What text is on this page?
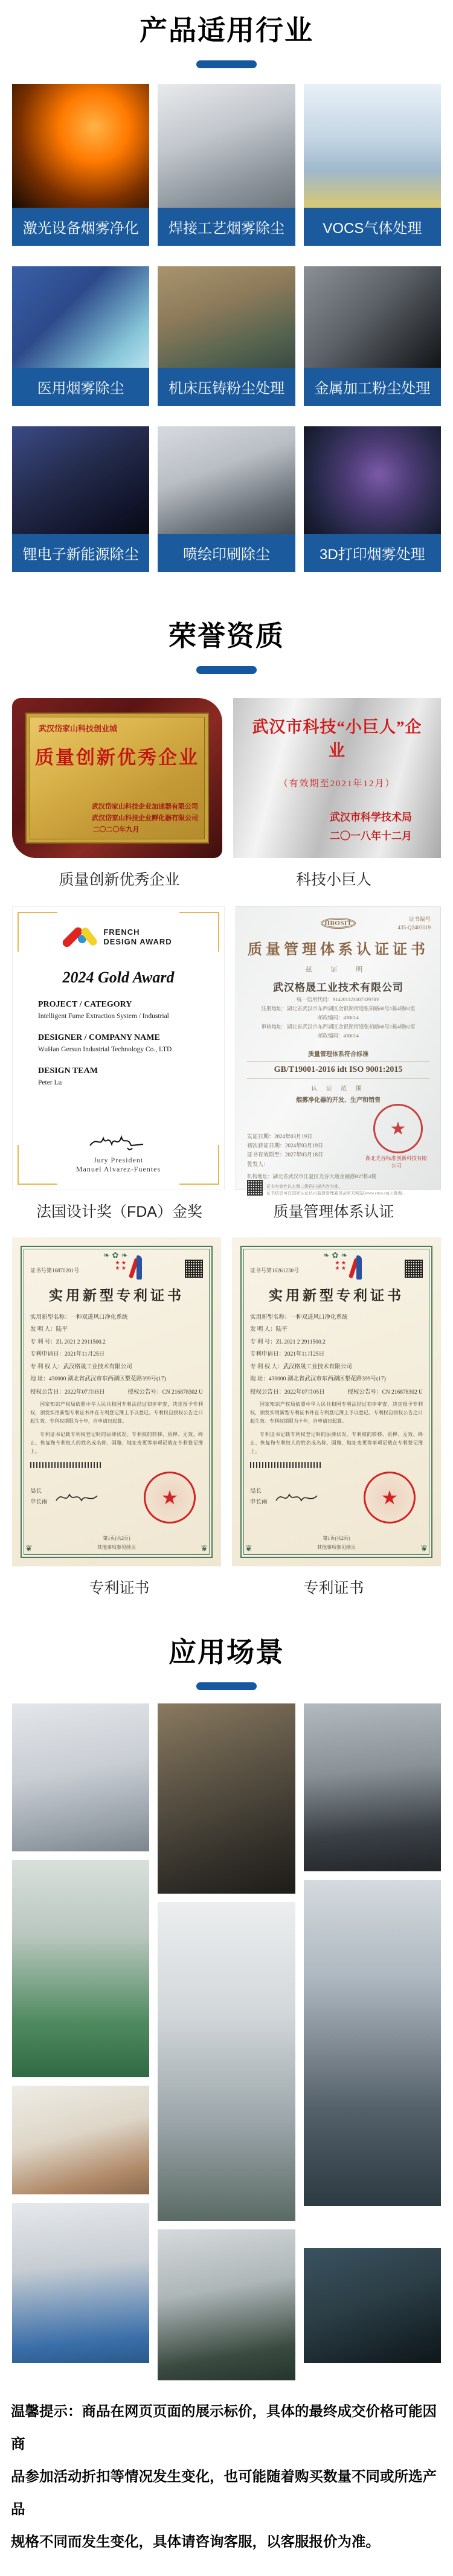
产品适用行业
激光设备烟雾净化	焊接工艺烟雾除尘	VOCS气体处理
医用烟雾除尘	机床压铸粉尘处理	金属加工粉尘处理
锂电子新能源除尘	喷绘印刷除尘	3D打印烟雾处理
荣誉资质
武汉岱家山科技创业城
质量创新优秀企业
武汉岱家山科技企业加速器有限公司
武汉岱家山科技企业孵化器有限公司
二〇二〇年九月
武汉市科技“小巨人”企业
（有效期至2021年12月）
武汉市科学技术局
二〇一八年十二月
质量创新优秀企业	科技小巨人
FRENCH
DESIGN AWARD
2024 Gold Award
PROJECT / CATEGORY
Intelligent Fume Extraction System / Industrial
DESIGNER / COMPANY NAME
WuHan Gersun Industrial Technology Co., LTD
DESIGN TEAM
Peter Lu
Jury President
Manuel Alvarez-Fuentes
证书编号
435-Q2403019
HBOSIT
质量管理体系认证证书
兹 证 明
武汉格晟工业技术有限公司
统一信用代码：91420112300732970Y
注册地址：湖北省武汉市东西湖区金银湖街道张柏路68号1栋4楼02室
邮政编码：430014
审核地址：湖北省武汉市东西湖区金银湖街道张柏路68号1栋4楼02室
邮政编码：430014
质量管理体系符合标准
GB/T19001-2016 idt ISO 9001:2015
认 证 范 围
烟雾净化器的开发、生产和销售
发证日期：2024年03月19日
初次获证日期：2024年03月19日
证书有效期至：2027年03月18日
签发人：
★
湖北光谷标准创新科技有限公司
机构地址：湖北省武汉市江夏区光谷大道金融港B27栋4楼
证书有效性以左侧二维码扫描内容为准。
证书信息可在国家认证认可监督管理委员会官方网站(www.cnca.cn)上查询。
法国设计奖（FDA）金奖	质量管理体系认证
❧✿❧
证书号第16870201号
★ ★
★ ★
实用新型专利证书
实用新型名称：一种双进风口净化系统
发 明 人：陆平
专 利 号：ZL 2021 2 2911500.2
专利申请日：2021年11月25日
专 利 权 人：武汉格晟工业技术有限公司
地 址：430000 湖北省武汉市东西湖区梨花路399号(17)
授权公告日：2022年07月05日	授权公告号：CN 216878302 U
国家知识产权局依照中华人民共和国专利法经过初步审查，决定授予专利权，颁发实用新型专利证书并在专利登记簿上予以登记。专利权自授权公告之日起生效。专利权期限为十年，自申请日起算。
专利证书记载专利权登记时的法律状况。专利权的转移、质押、无效、终止、恢复和专利权人的姓名或名称、国籍、地址变更等事项记载在专利登记簿上。
局长
申长雨	★
第1页(共2页)
其他事项参见续页
❦	❦
❧✿❧
证书号第16261230号
★ ★
★ ★
实用新型专利证书
实用新型名称：一种双进风口净化系统
发 明 人：陆平
专 利 号：ZL 2021 2 2911500.2
专利申请日：2021年11月25日
专 利 权 人：武汉格晟工业技术有限公司
地 址：430000 湖北省武汉市东西湖区梨花路399号(17)
授权公告日：2022年07月05日	授权公告号：CN 216878302 U
国家知识产权局依照中华人民共和国专利法经过初步审查，决定授予专利权，颁发实用新型专利证书并在专利登记簿上予以登记。专利权自授权公告之日起生效。专利权期限为十年，自申请日起算。
专利证书记载专利权登记时的法律状况。专利权的转移、质押、无效、终止、恢复和专利权人的姓名或名称、国籍、地址变更等事项记载在专利登记簿上。
局长
申长雨	★
第1页(共2页)
其他事项参见续页
❦	❦
专利证书	专利证书
应用场景
温馨提示：商品在网页页面的展示标价，具体的最终成交价格可能因商
品参加活动折扣等情况发生变化，也可能随着购买数量不同或所选产品
规格不同而发生变化，具体请咨询客服，以客服报价为准。
